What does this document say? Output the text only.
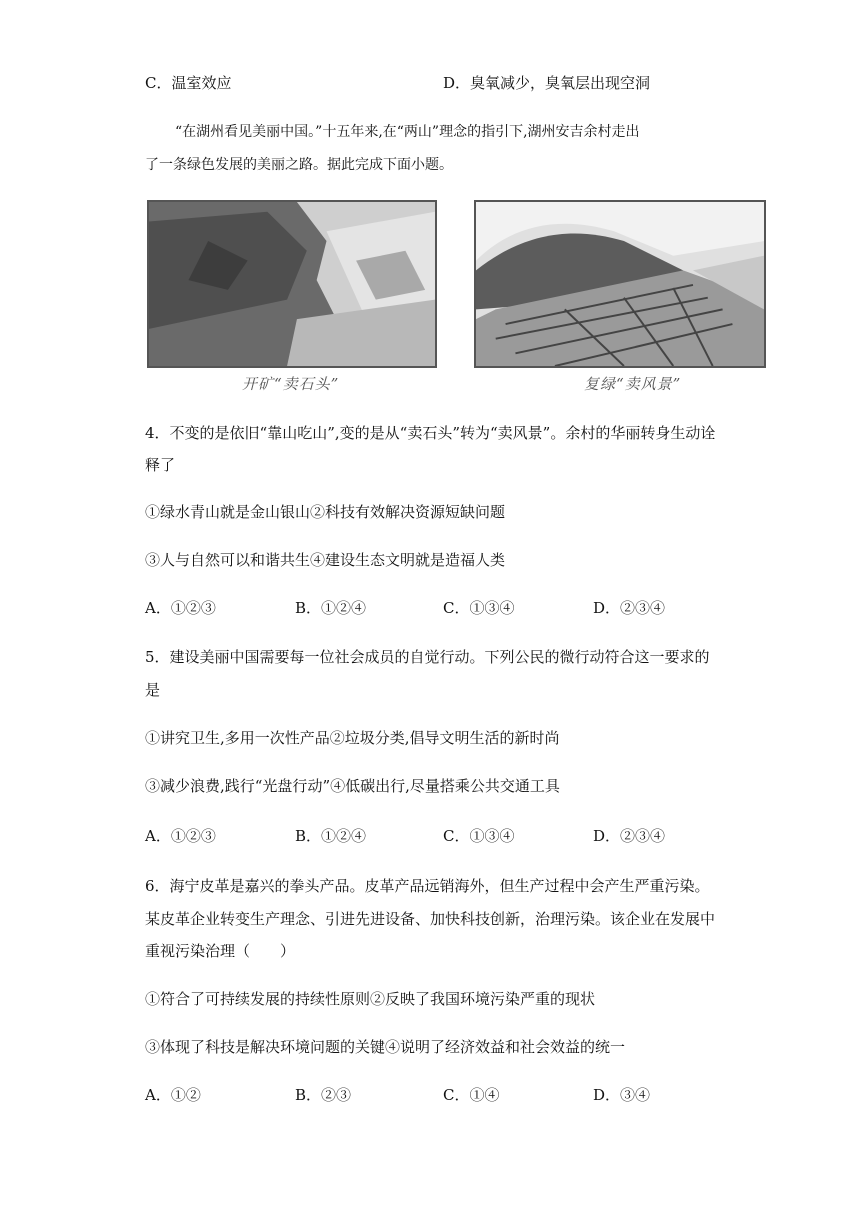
C．温室效应	D．臭氧减少，臭氧层出现空洞
“在湖州看见美丽中国。”十五年来,在“两山”理念的指引下,湖州安吉余村走出
了一条绿色发展的美丽之路。据此完成下面小题。
开矿“卖石头”	复绿“卖风景”
4．不变的是依旧“靠山吃山”,变的是从“卖石头”转为“卖风景”。余村的华丽转身生动诠
释了
①绿水青山就是金山银山②科技有效解决资源短缺问题
③人与自然可以和谐共生④建设生态文明就是造福人类
A．①②③	B．①②④	C．①③④	D．②③④
5．建设美丽中国需要每一位社会成员的自觉行动。下列公民的微行动符合这一要求的
是
①讲究卫生,多用一次性产品②垃圾分类,倡导文明生活的新时尚
③减少浪费,践行“光盘行动”④低碳出行,尽量搭乘公共交通工具
A．①②③	B．①②④	C．①③④	D．②③④
6．海宁皮革是嘉兴的拳头产品。皮革产品远销海外，但生产过程中会产生严重污染。
某皮革企业转变生产理念、引进先进设备、加快科技创新，治理污染。该企业在发展中
重视污染治理（　　）
①符合了可持续发展的持续性原则②反映了我国环境污染严重的现状
③体现了科技是解决环境问题的关键④说明了经济效益和社会效益的统一
A．①②	B．②③	C．①④	D．③④
